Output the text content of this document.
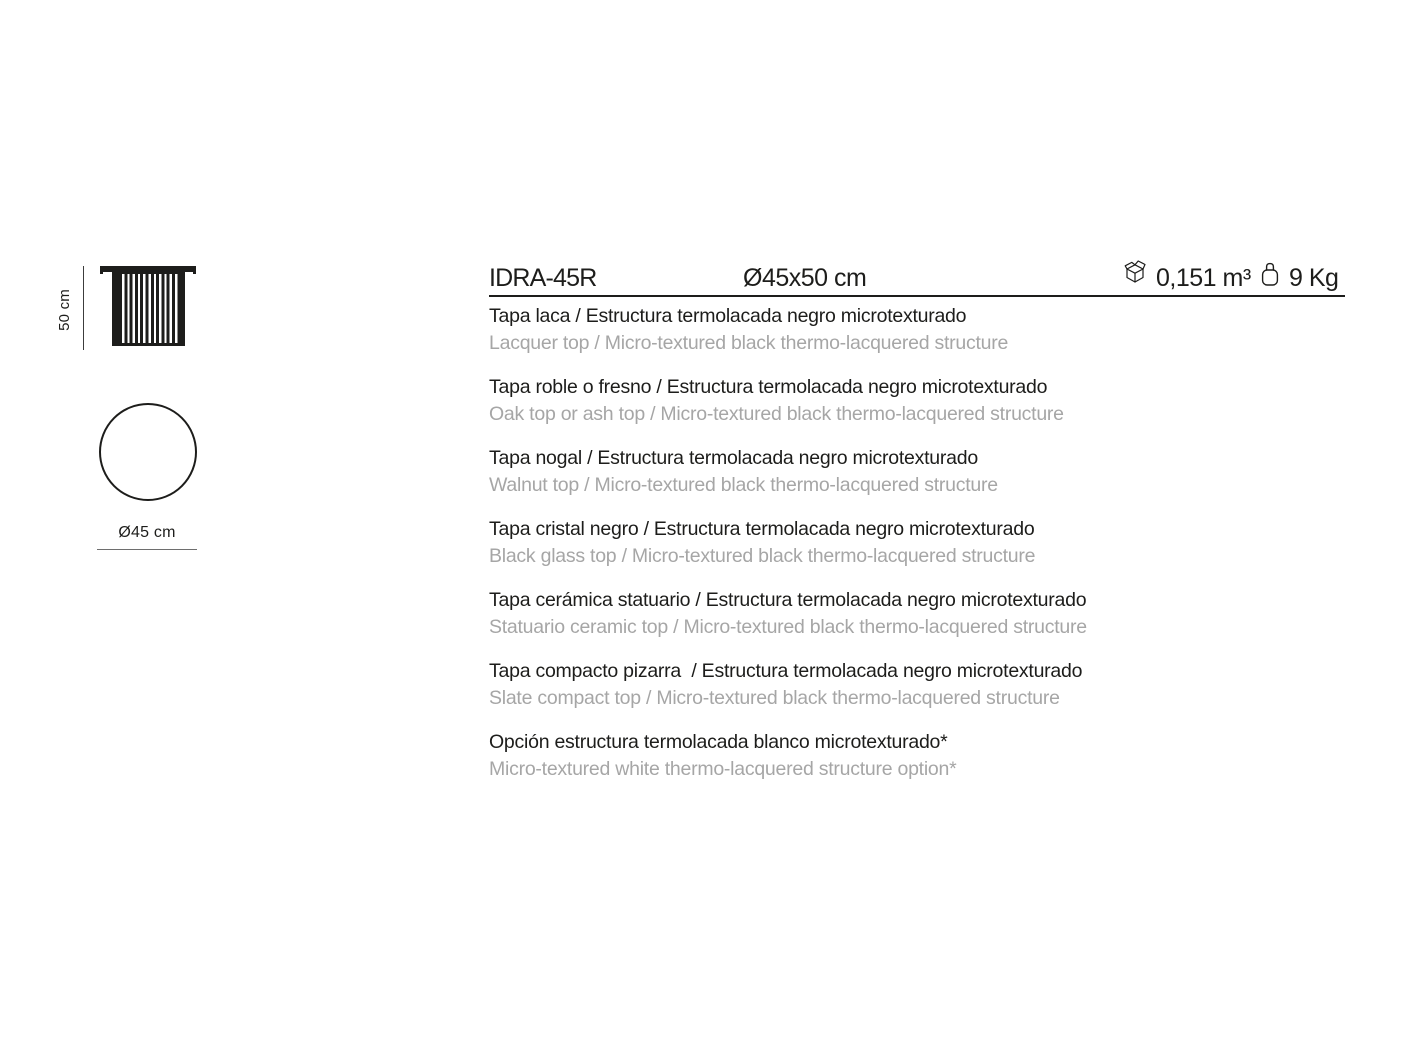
50 cm
Ø45 cm
IDRA-45R	Ø45x50 cm	0,151 m³ 9 Kg

Tapa laca / Estructura termolacada negro microtexturado

Lacquer top / Micro-textured black thermo-lacquered structure

Tapa roble o fresno / Estructura termolacada negro microtexturado

Oak top or ash top / Micro-textured black thermo-lacquered structure

Tapa nogal / Estructura termolacada negro microtexturado

Walnut top / Micro-textured black thermo-lacquered structure

Tapa cristal negro / Estructura termolacada negro microtexturado

Black glass top / Micro-textured black thermo-lacquered structure

Tapa cerámica statuario / Estructura termolacada negro microtexturado

Statuario ceramic top / Micro-textured black thermo-lacquered structure

Tapa compacto pizarra  / Estructura termolacada negro microtexturado

Slate compact top / Micro-textured black thermo-lacquered structure

Opción estructura termolacada blanco microtexturado*

Micro-textured white thermo-lacquered structure option*
